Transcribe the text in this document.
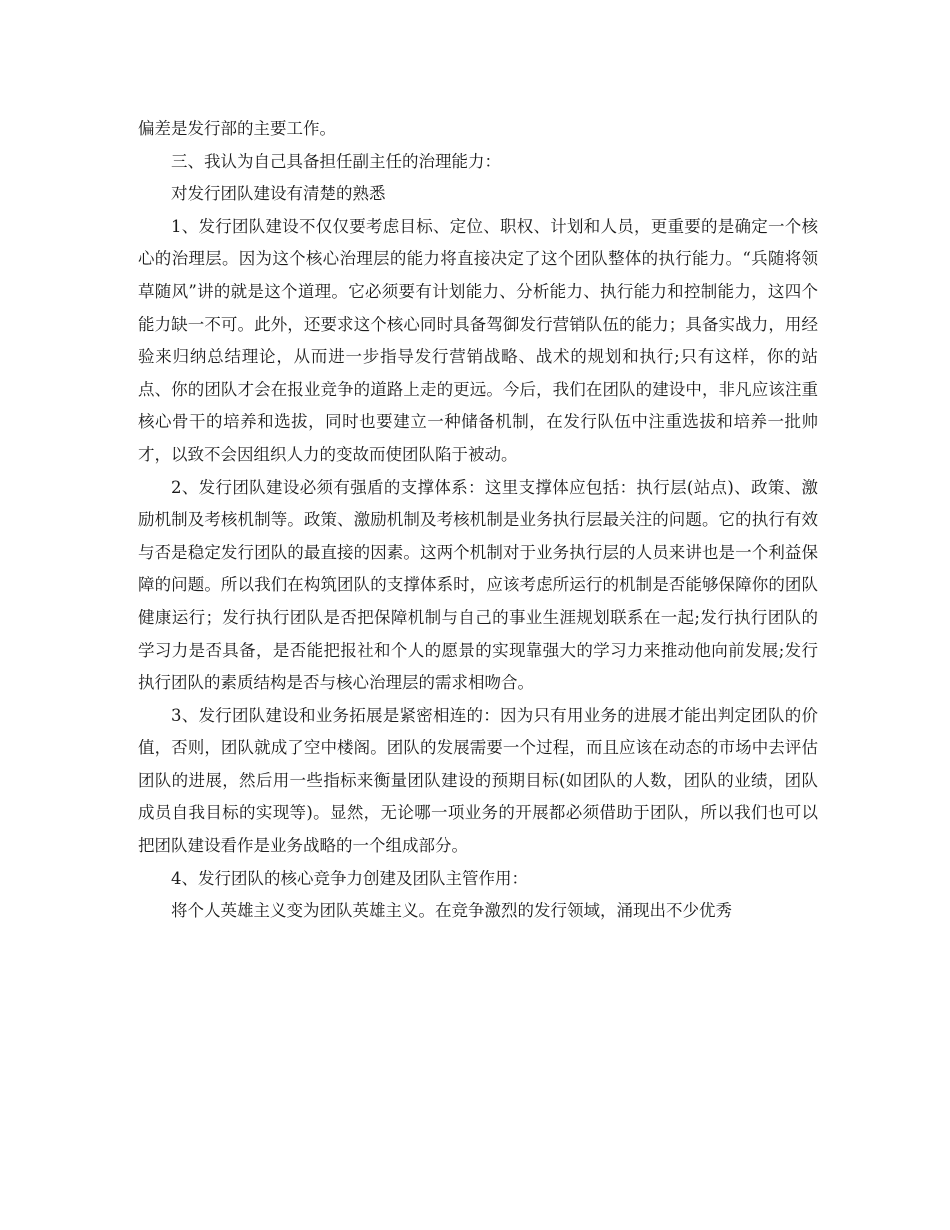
偏差是发行部的主要工作。

三、我认为自己具备担任副主任的治理能力：

对发行团队建设有清楚的熟悉

1、发行团队建设不仅仅要考虑目标、定位、职权、计划和人员，更重要的是确定一个核心的治理层。因为这个核心治理层的能力将直接决定了这个团队整体的执行能力。“兵随将领草随风”讲的就是这个道理。它必须要有计划能力、分析能力、执行能力和控制能力，这四个能力缺一不可。此外，还要求这个核心同时具备驾御发行营销队伍的能力；具备实战力，用经验来归纳总结理论，从而进一步指导发行营销战略、战术的规划和执行;只有这样，你的站点、你的团队才会在报业竞争的道路上走的更远。今后，我们在团队的建设中，非凡应该注重核心骨干的培养和选拔，同时也要建立一种储备机制，在发行队伍中注重选拔和培养一批帅才，以致不会因组织人力的变故而使团队陷于被动。

2、发行团队建设必须有强盾的支撑体系：这里支撑体应包括：执行层(站点)、政策、激励机制及考核机制等。政策、激励机制及考核机制是业务执行层最关注的问题。它的执行有效与否是稳定发行团队的最直接的因素。这两个机制对于业务执行层的人员来讲也是一个利益保障的问题。所以我们在构筑团队的支撑体系时，应该考虑所运行的机制是否能够保障你的团队健康运行；发行执行团队是否把保障机制与自己的事业生涯规划联系在一起;发行执行团队的学习力是否具备，是否能把报社和个人的愿景的实现靠强大的学习力来推动他向前发展;发行执行团队的素质结构是否与核心治理层的需求相吻合。

3、发行团队建设和业务拓展是紧密相连的：因为只有用业务的进展才能出判定团队的价值，否则，团队就成了空中楼阁。团队的发展需要一个过程，而且应该在动态的市场中去评估团队的进展，然后用一些指标来衡量团队建设的预期目标(如团队的人数，团队的业绩，团队成员自我目标的实现等)。显然，无论哪一项业务的开展都必须借助于团队，所以我们也可以把团队建设看作是业务战略的一个组成部分。

4、发行团队的核心竞争力创建及团队主管作用：

将个人英雄主义变为团队英雄主义。在竞争激烈的发行领域，涌现出不少优秀
